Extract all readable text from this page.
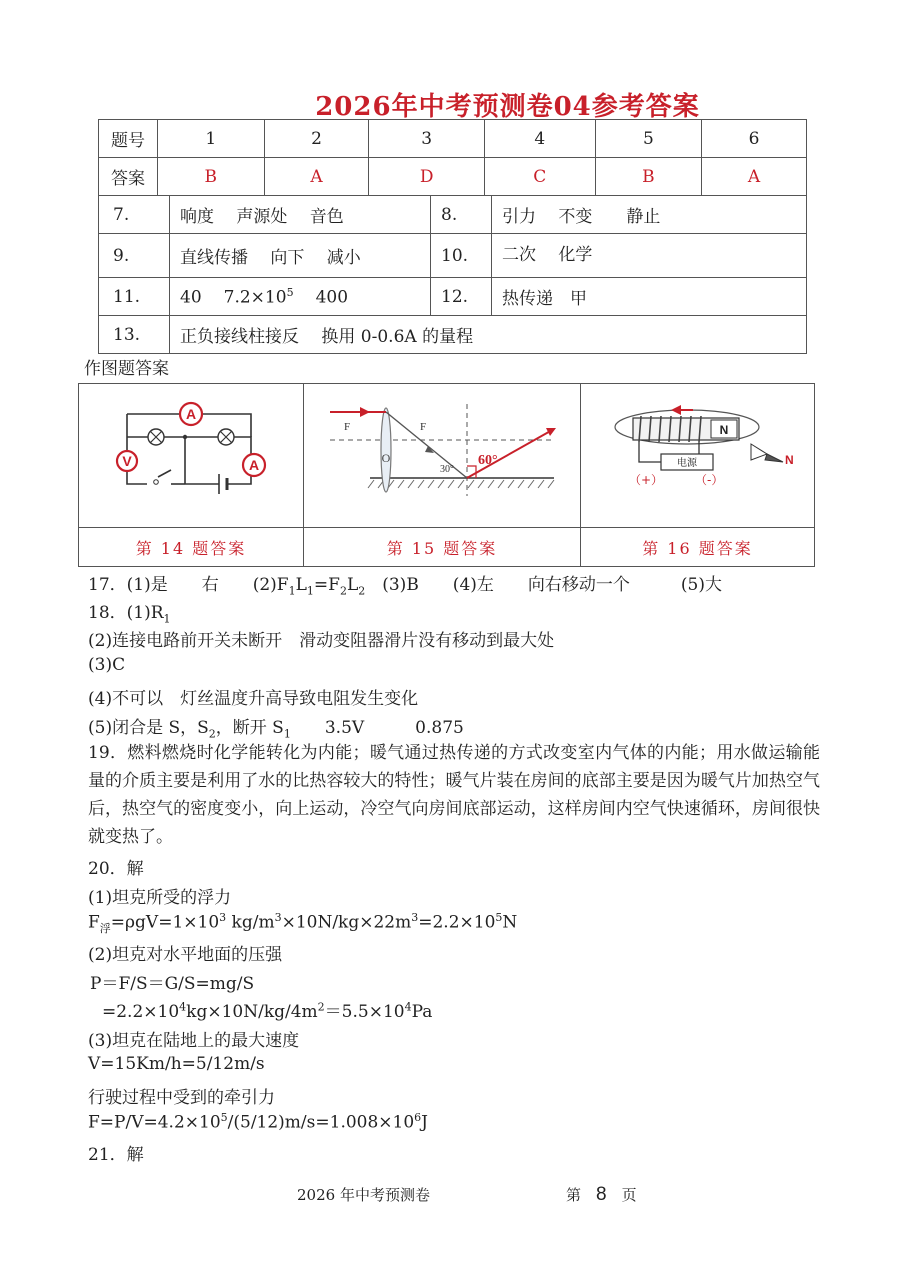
2026年中考预测卷04参考答案
题号	1	2	3	4	5	6
答案	B	A	D	C	B	A
7.	响度　 声源处　 音色	8.	引力　 不变　　静止
9.	直线传播　 向下　 减小	10.	二次　 化学
11.	40 $7.2\times 10^5$ 400	12.	热传递　甲
13.	正负接线柱接反　 换用 0-0.6A 的量程		
作图题答案
A
A
V	O
F F
30°
60°	N
电源
（+） （-）
N

第 14 题答案	第 15 题答案	第 16 题答案
17．(1)是　　右　　$(2)F_1L_1=F_2L_2$　(3)B　　(4)左　　向右移动一个　　　(5)大
18．$(1)R_1$
(2)连接电路前开关未断开　滑动变阻器滑片没有移动到最大处
(3)C
(4)不可以　灯丝温度升高导致电阻发生变化
(5)闭合是 S，$S_2$，断开 $S_1$　　3.5V　　　0.875
19．燃料燃烧时化学能转化为内能；暖气通过热传递的方式改变室内气体的内能；用水做运输能量的介质主要是利用了水的比热容较大的特性；暖气片装在房间的底部主要是因为暖气片加热空气后，热空气的密度变小，向上运动，冷空气向房间底部运动，这样房间内空气快速循环，房间很快就变热了。
20．解
(1)坦克所受的浮力
$F_浮=\rho gV=1\times 10^3$ $kg/m^3\times 10N/kg\times 22m^3=2.2\times 10^5N$
(2)坦克对水平地面的压强
P＝F/S＝G/S=mg/S
$=2.2\times 10^4kg\times 10N/kg/4m^2=5.5\times 10^4Pa$
(3)坦克在陆地上的最大速度
V=15Km/h=5/12m/s
行驶过程中受到的牵引力
$F=P/V=4.2\times 10^5/(5/12)m/s=1.008\times 10^6J$
21．解
2026 年中考预测卷	第　 8　 页
